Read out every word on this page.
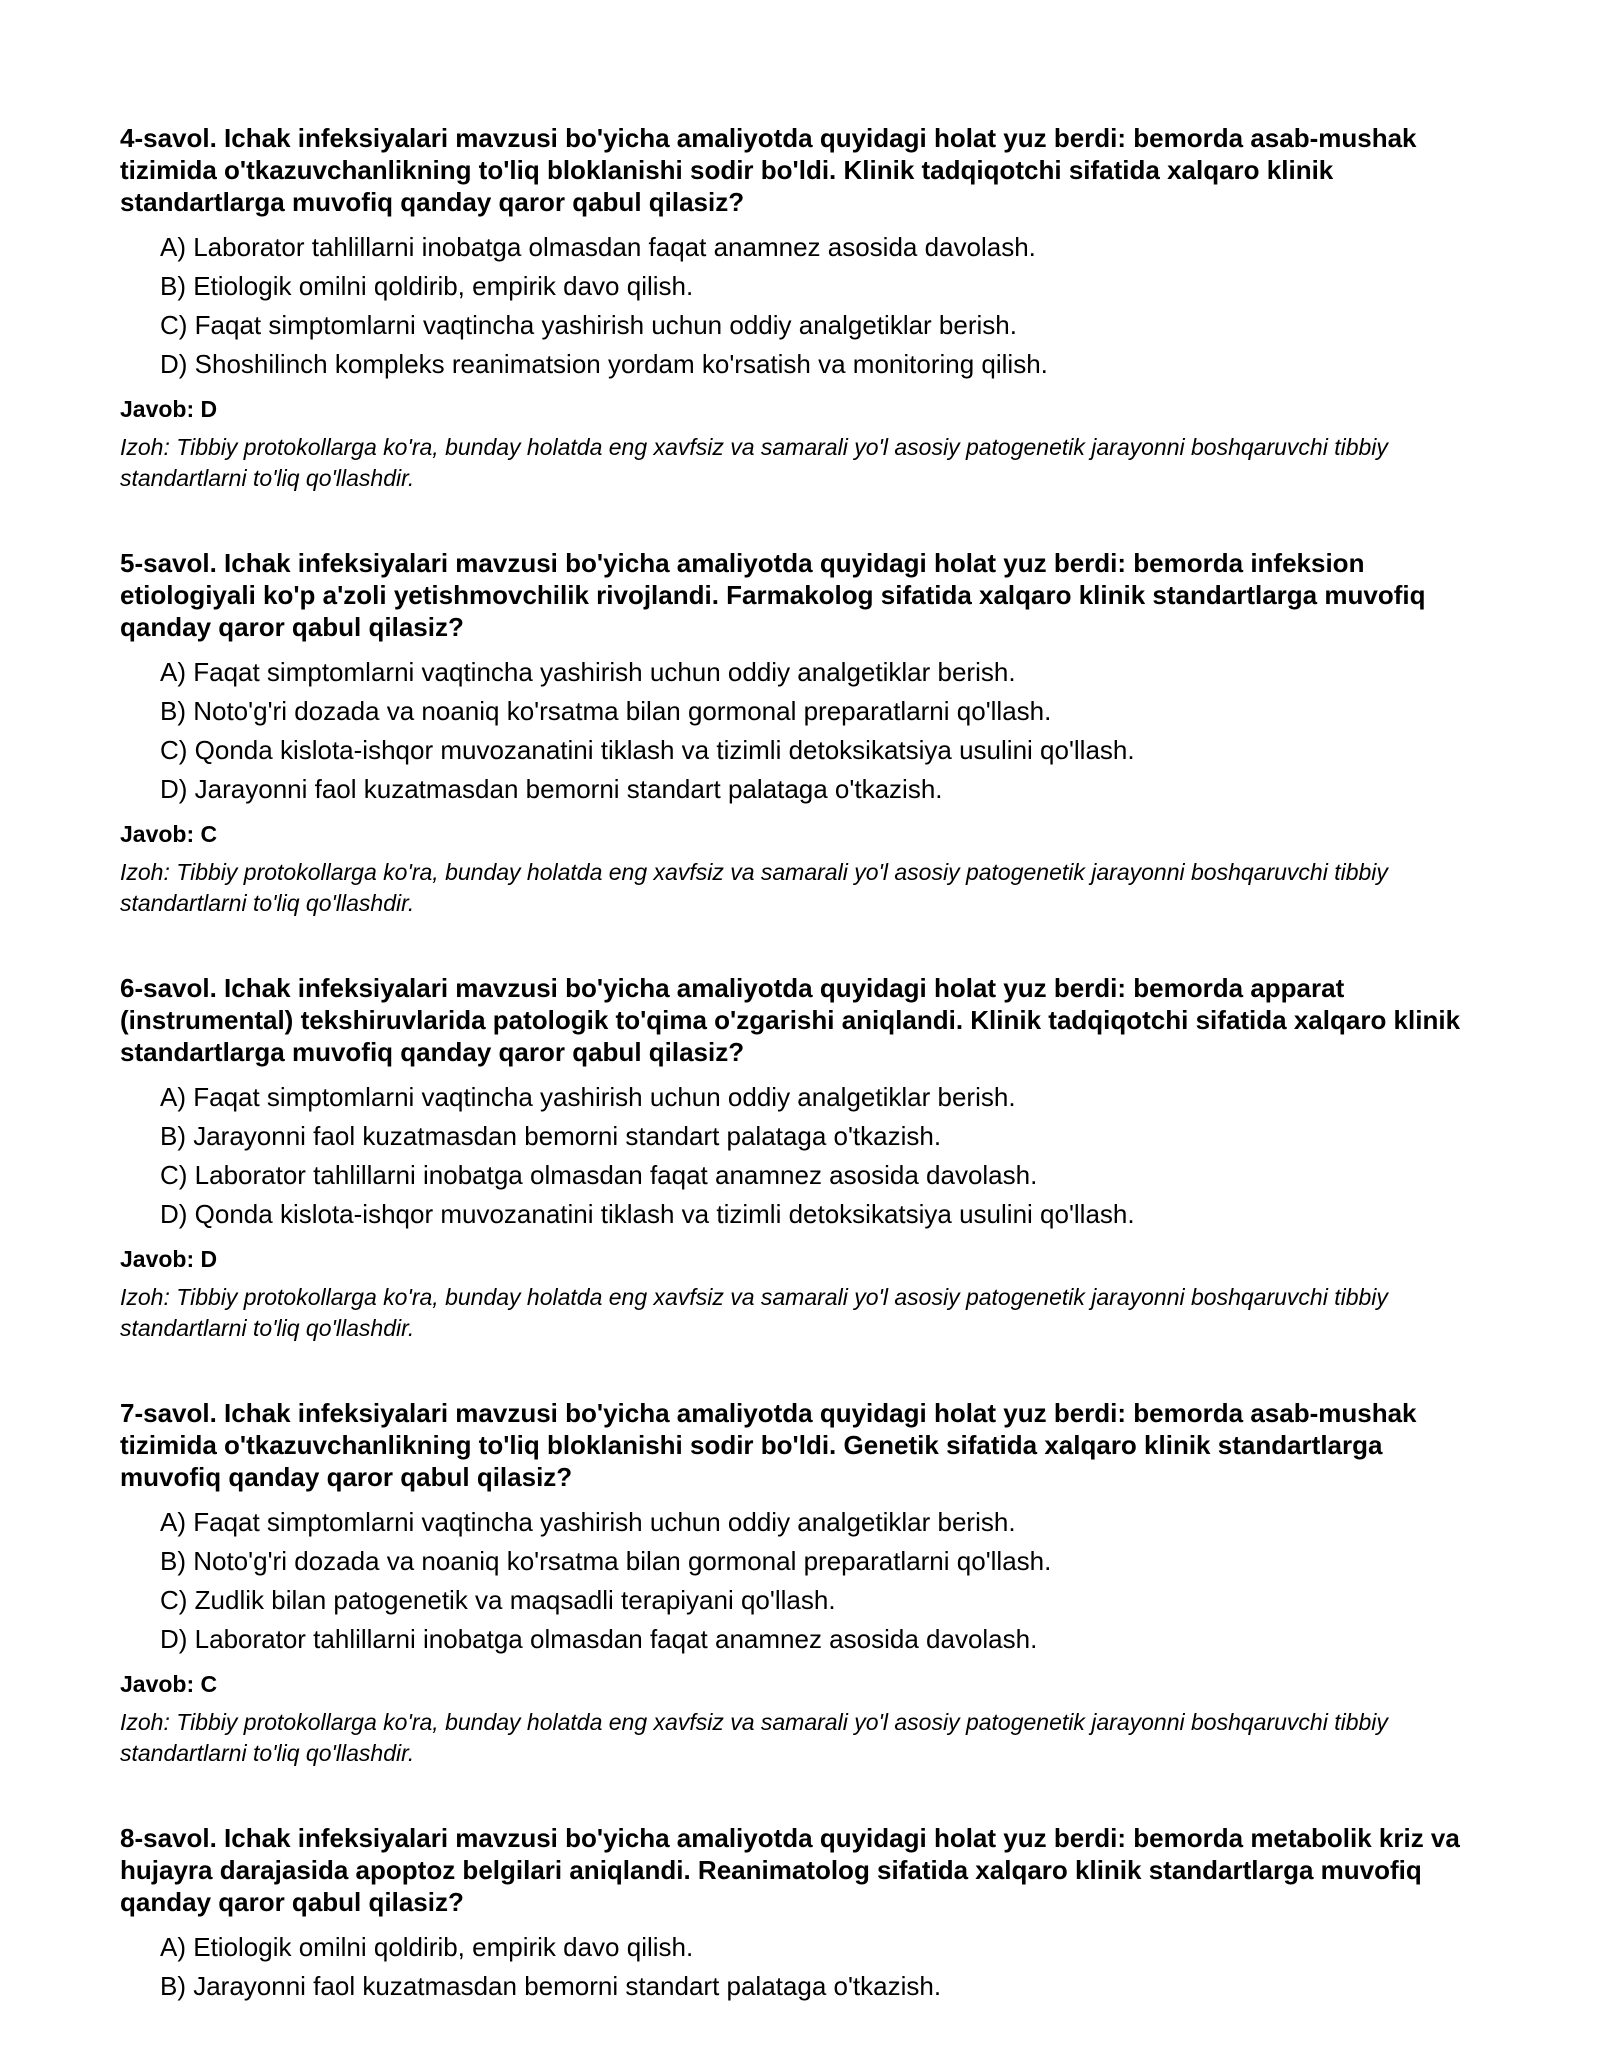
4-savol. Ichak infeksiyalari mavzusi bo'yicha amaliyotda quyidagi holat yuz berdi: bemorda asab-mushak tizimida o'tkazuvchanlikning to'liq bloklanishi sodir bo'ldi. Klinik tadqiqotchi sifatida xalqaro klinik standartlarga muvofiq qanday qaror qabul qilasiz?

A) Laborator tahlillarni inobatga olmasdan faqat anamnez asosida davolash.
B) Etiologik omilni qoldirib, empirik davo qilish.
C) Faqat simptomlarni vaqtincha yashirish uchun oddiy analgetiklar berish.
D) Shoshilinch kompleks reanimatsion yordam ko'rsatish va monitoring qilish.

Javob: D

Izoh: Tibbiy protokollarga ko'ra, bunday holatda eng xavfsiz va samarali yo'l asosiy patogenetik jarayonni boshqaruvchi tibbiy standartlarni to'liq qo'llashdir.

5-savol. Ichak infeksiyalari mavzusi bo'yicha amaliyotda quyidagi holat yuz berdi: bemorda infeksion etiologiyali ko'p a'zoli yetishmovchilik rivojlandi. Farmakolog sifatida xalqaro klinik standartlarga muvofiq qanday qaror qabul qilasiz?

A) Faqat simptomlarni vaqtincha yashirish uchun oddiy analgetiklar berish.
B) Noto'g'ri dozada va noaniq ko'rsatma bilan gormonal preparatlarni qo'llash.
C) Qonda kislota-ishqor muvozanatini tiklash va tizimli detoksikatsiya usulini qo'llash.
D) Jarayonni faol kuzatmasdan bemorni standart palataga o'tkazish.

Javob: C

Izoh: Tibbiy protokollarga ko'ra, bunday holatda eng xavfsiz va samarali yo'l asosiy patogenetik jarayonni boshqaruvchi tibbiy standartlarni to'liq qo'llashdir.

6-savol. Ichak infeksiyalari mavzusi bo'yicha amaliyotda quyidagi holat yuz berdi: bemorda apparat (instrumental) tekshiruvlarida patologik to'qima o'zgarishi aniqlandi. Klinik tadqiqotchi sifatida xalqaro klinik standartlarga muvofiq qanday qaror qabul qilasiz?

A) Faqat simptomlarni vaqtincha yashirish uchun oddiy analgetiklar berish.
B) Jarayonni faol kuzatmasdan bemorni standart palataga o'tkazish.
C) Laborator tahlillarni inobatga olmasdan faqat anamnez asosida davolash.
D) Qonda kislota-ishqor muvozanatini tiklash va tizimli detoksikatsiya usulini qo'llash.

Javob: D

Izoh: Tibbiy protokollarga ko'ra, bunday holatda eng xavfsiz va samarali yo'l asosiy patogenetik jarayonni boshqaruvchi tibbiy standartlarni to'liq qo'llashdir.

7-savol. Ichak infeksiyalari mavzusi bo'yicha amaliyotda quyidagi holat yuz berdi: bemorda asab-mushak tizimida o'tkazuvchanlikning to'liq bloklanishi sodir bo'ldi. Genetik sifatida xalqaro klinik standartlarga muvofiq qanday qaror qabul qilasiz?

A) Faqat simptomlarni vaqtincha yashirish uchun oddiy analgetiklar berish.
B) Noto'g'ri dozada va noaniq ko'rsatma bilan gormonal preparatlarni qo'llash.
C) Zudlik bilan patogenetik va maqsadli terapiyani qo'llash.
D) Laborator tahlillarni inobatga olmasdan faqat anamnez asosida davolash.

Javob: C

Izoh: Tibbiy protokollarga ko'ra, bunday holatda eng xavfsiz va samarali yo'l asosiy patogenetik jarayonni boshqaruvchi tibbiy standartlarni to'liq qo'llashdir.

8-savol. Ichak infeksiyalari mavzusi bo'yicha amaliyotda quyidagi holat yuz berdi: bemorda metabolik kriz va hujayra darajasida apoptoz belgilari aniqlandi. Reanimatolog sifatida xalqaro klinik standartlarga muvofiq qanday qaror qabul qilasiz?

A) Etiologik omilni qoldirib, empirik davo qilish.
B) Jarayonni faol kuzatmasdan bemorni standart palataga o'tkazish.
